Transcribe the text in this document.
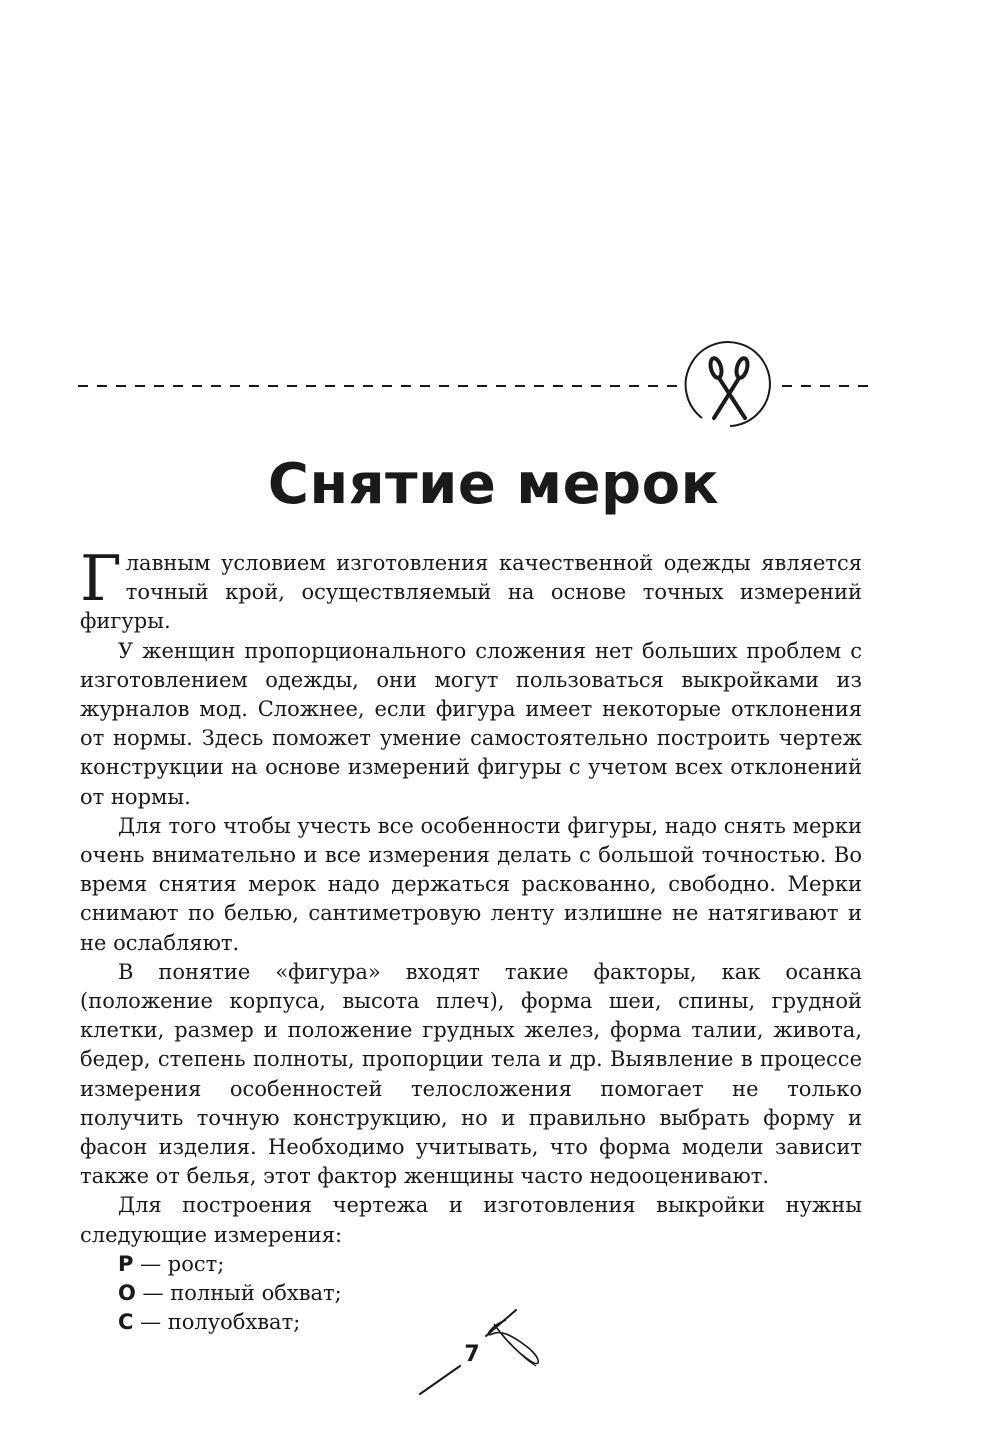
Снятие мерок

Главным условием изготовления качественной одежды является точный крой, осуществляемый на основе точных измерений фигуры.

У женщин пропорционального сложения нет больших проблем с изготовлением одежды, они могут пользоваться выкройками из журналов мод. Сложнее, если фигура имеет некоторые отклонения от нормы. Здесь поможет умение самостоятельно построить чертеж конструкции на основе измерений фигуры с учетом всех отклонений от нормы.

Для того чтобы учесть все особенности фигуры, надо снять мерки очень внимательно и все измерения делать с большой точностью. Во время снятия мерок надо держаться раскованно, свободно. Мерки снимают по белью, сантиметровую ленту излишне не натягивают и не ослабляют.

В понятие «фигура» входят такие факторы, как осанка (положение корпуса, высота плеч), форма шеи, спины, грудной клетки, размер и положение грудных желез, форма талии, живота, бедер, степень полноты, пропорции тела и др. Выявление в процессе измерения особенностей телосложения помогает не только получить точную конструкцию, но и правильно выбрать форму и фасон изделия. Необходимо учитывать, что форма модели зависит также от белья, этот фактор женщины часто недооценивают.

Для построения чертежа и изготовления выкройки нужны следующие измерения:

Р — рост;
О — полный обхват;
С — полуобхват;
7
